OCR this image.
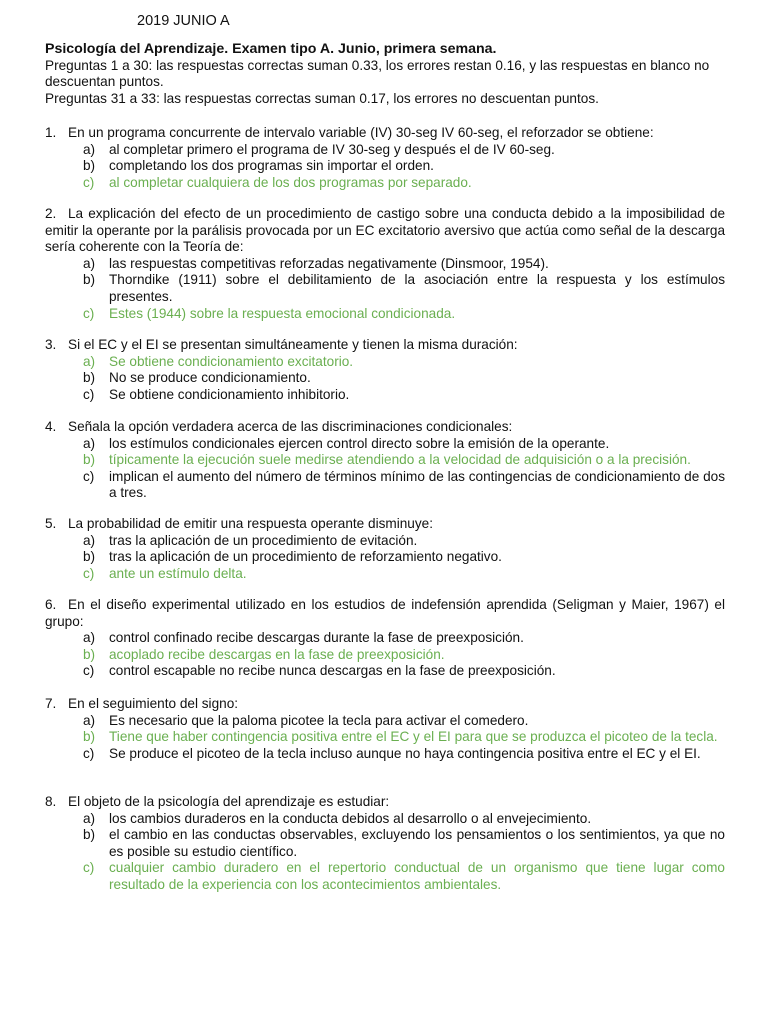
2019 JUNIO A

Psicología del Aprendizaje. Examen tipo A. Junio, primera semana.

Preguntas 1 a 30: las respuestas correctas suman 0.33, los errores restan 0.16, y las respuestas en blanco no descuentan puntos.

Preguntas 31 a 33: las respuestas correctas suman 0.17, los errores no descuentan puntos.

1. En un programa concurrente de intervalo variable (IV) 30-seg IV 60-seg, el reforzador se obtiene:

a) al completar primero el programa de IV 30-seg y después el de IV 60-seg.
b) completando los dos programas sin importar el orden.
c) al completar cualquiera de los dos programas por separado.

2. La explicación del efecto de un procedimiento de castigo sobre una conducta debido a la imposibilidad de emitir la operante por la parálisis provocada por un EC excitatorio aversivo que actúa como señal de la descarga sería coherente con la Teoría de:

a) las respuestas competitivas reforzadas negativamente (Dinsmoor, 1954).
b) Thorndike (1911) sobre el debilitamiento de la asociación entre la respuesta y los estímulos presentes.
c) Estes (1944) sobre la respuesta emocional condicionada.

3. Si el EC y el EI se presentan simultáneamente y tienen la misma duración:

a) Se obtiene condicionamiento excitatorio.
b) No se produce condicionamiento.
c) Se obtiene condicionamiento inhibitorio.

4. Señala la opción verdadera acerca de las discriminaciones condicionales:

a) los estímulos condicionales ejercen control directo sobre la emisión de la operante.
b) típicamente la ejecución suele medirse atendiendo a la velocidad de adquisición o a la precisión.
c) implican el aumento del número de términos mínimo de las contingencias de condicionamiento de dos a tres.

5. La probabilidad de emitir una respuesta operante disminuye:

a) tras la aplicación de un procedimiento de evitación.
b) tras la aplicación de un procedimiento de reforzamiento negativo.
c) ante un estímulo delta.

6. En el diseño experimental utilizado en los estudios de indefensión aprendida (Seligman y Maier, 1967) el grupo:

a) control confinado recibe descargas durante la fase de preexposición.
b) acoplado recibe descargas en la fase de preexposición.
c) control escapable no recibe nunca descargas en la fase de preexposición.

7. En el seguimiento del signo:

a) Es necesario que la paloma picotee la tecla para activar el comedero.
b) Tiene que haber contingencia positiva entre el EC y el EI para que se produzca el picoteo de la tecla.
c) Se produce el picoteo de la tecla incluso aunque no haya contingencia positiva entre el EC y el EI.

8. El objeto de la psicología del aprendizaje es estudiar:

a) los cambios duraderos en la conducta debidos al desarrollo o al envejecimiento.
b) el cambio en las conductas observables, excluyendo los pensamientos o los sentimientos, ya que no es posible su estudio científico.
c) cualquier cambio duradero en el repertorio conductual de un organismo que tiene lugar como resultado de la experiencia con los acontecimientos ambientales.
